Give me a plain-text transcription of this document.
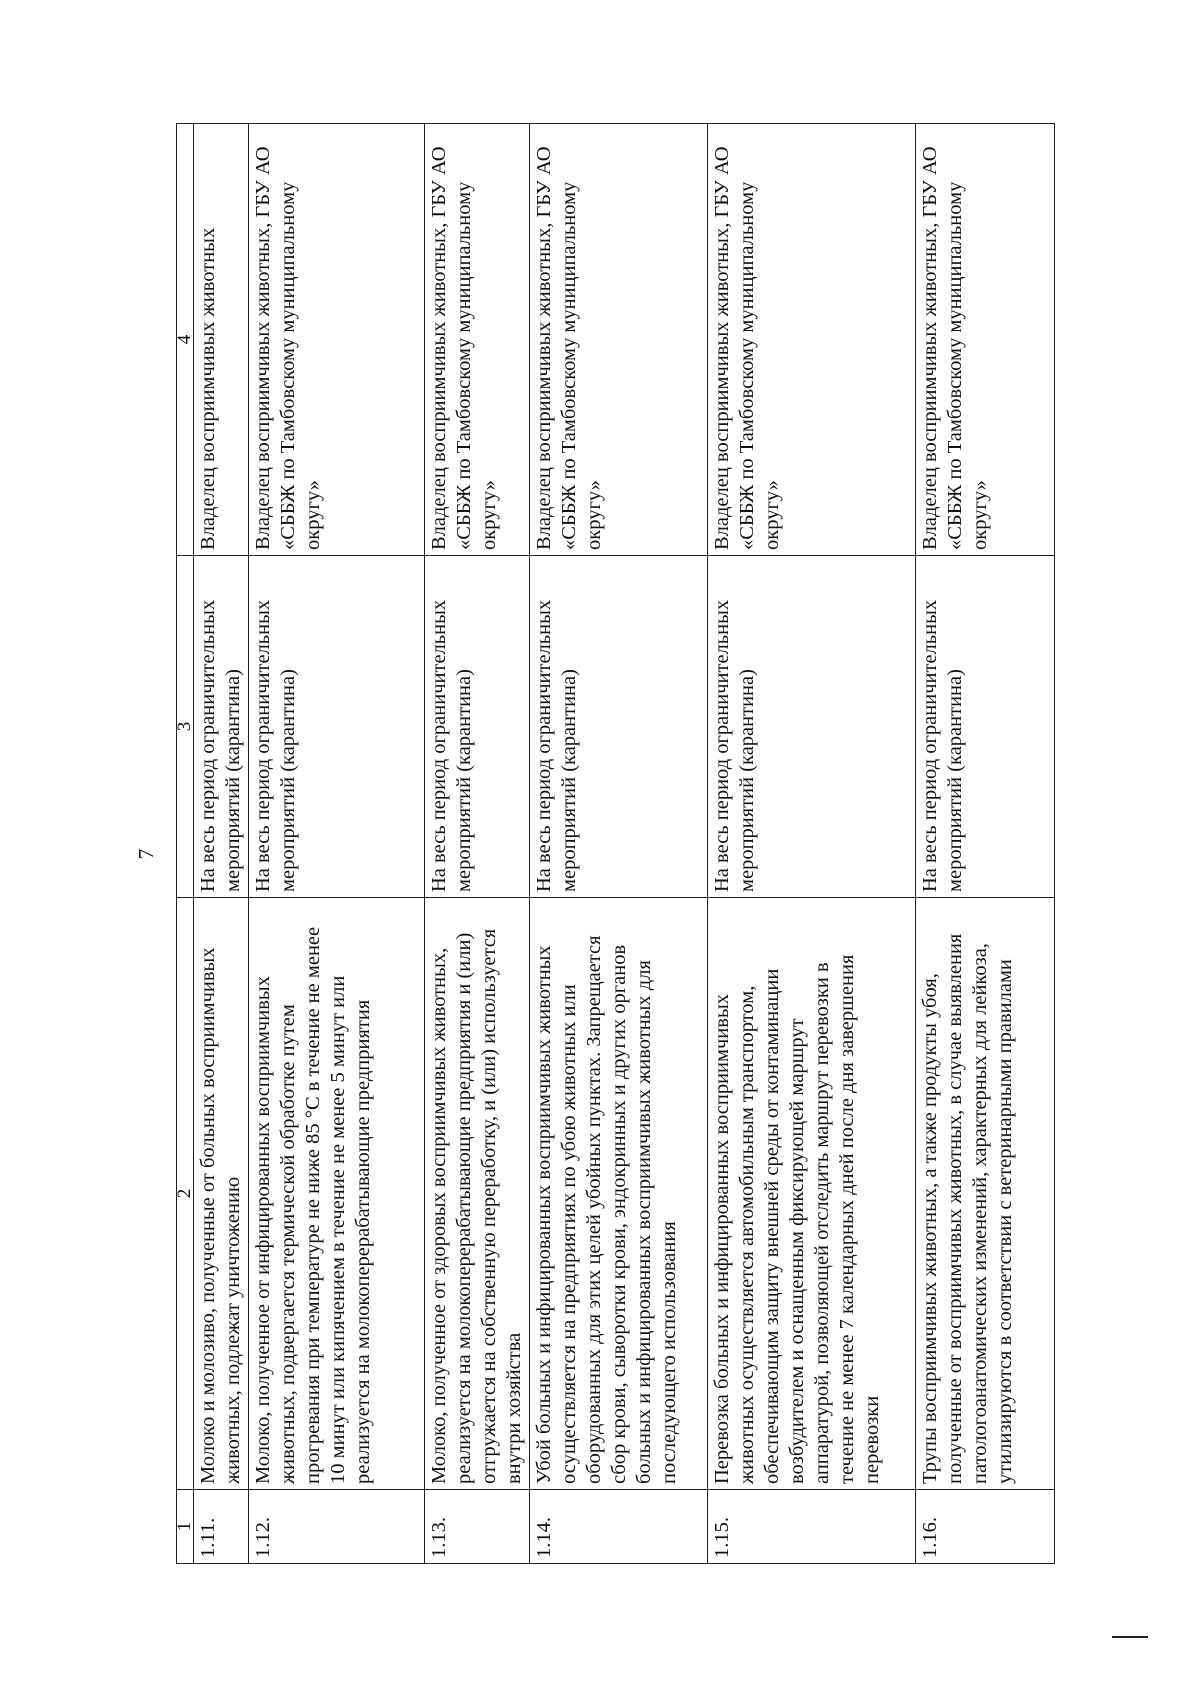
7
1	2	3	4
1.11.	Молоко и молозиво, полученные от больных восприимчивых животных, подлежат уничтожению	На весь период ограничительных мероприятий (карантина)	Владелец восприимчивых животных
1.12.	Молоко, полученное от инфицированных восприимчивых животных, подвергается термической обработке путем прогревания при температуре не ниже 85 °С в течение не менее 10 минут или кипячением в течение не менее 5 минут или реализуется на молокоперерабатывающие предприятия	На весь период ограничительных мероприятий (карантина)	Владелец восприимчивых животных, ГБУ АО «СББЖ по Тамбовскому муниципальному округу»
1.13.	Молоко, полученное от здоровых восприимчивых животных, реализуется на молокоперерабатывающие предприятия и (или) отгружается на собственную переработку, и (или) используется внутри хозяйства	На весь период ограничительных мероприятий (карантина)	Владелец восприимчивых животных, ГБУ АО «СББЖ по Тамбовскому муниципальному округу»
1.14.	Убой больных и инфицированных восприимчивых животных осуществляется на предприятиях по убою животных или оборудованных для этих целей убойных пунктах. Запрещается сбор крови, сыворотки крови, эндокринных и других органов больных и инфицированных восприимчивых животных для последующего использования	На весь период ограничительных мероприятий (карантина)	Владелец восприимчивых животных, ГБУ АО «СББЖ по Тамбовскому муниципальному округу»
1.15.	Перевозка больных и инфицированных восприимчивых животных осуществляется автомобильным транспортом, обеспечивающим защиту внешней среды от контаминации возбудителем и оснащенным фиксирующей маршрут аппаратурой, позволяющей отследить маршрут перевозки в течение не менее 7 календарных дней после дня завершения перевозки	На весь период ограничительных мероприятий (карантина)	Владелец восприимчивых животных, ГБУ АО «СББЖ по Тамбовскому муниципальному округу»
1.16.	Трупы восприимчивых животных, а также продукты убоя, полученные от восприимчивых животных, в случае выявления патологоанатомических изменений, характерных для лейкоза, утилизируются в соответствии с ветеринарными правилами	На весь период ограничительных мероприятий (карантина)	Владелец восприимчивых животных, ГБУ АО «СББЖ по Тамбовскому муниципальному округу»
